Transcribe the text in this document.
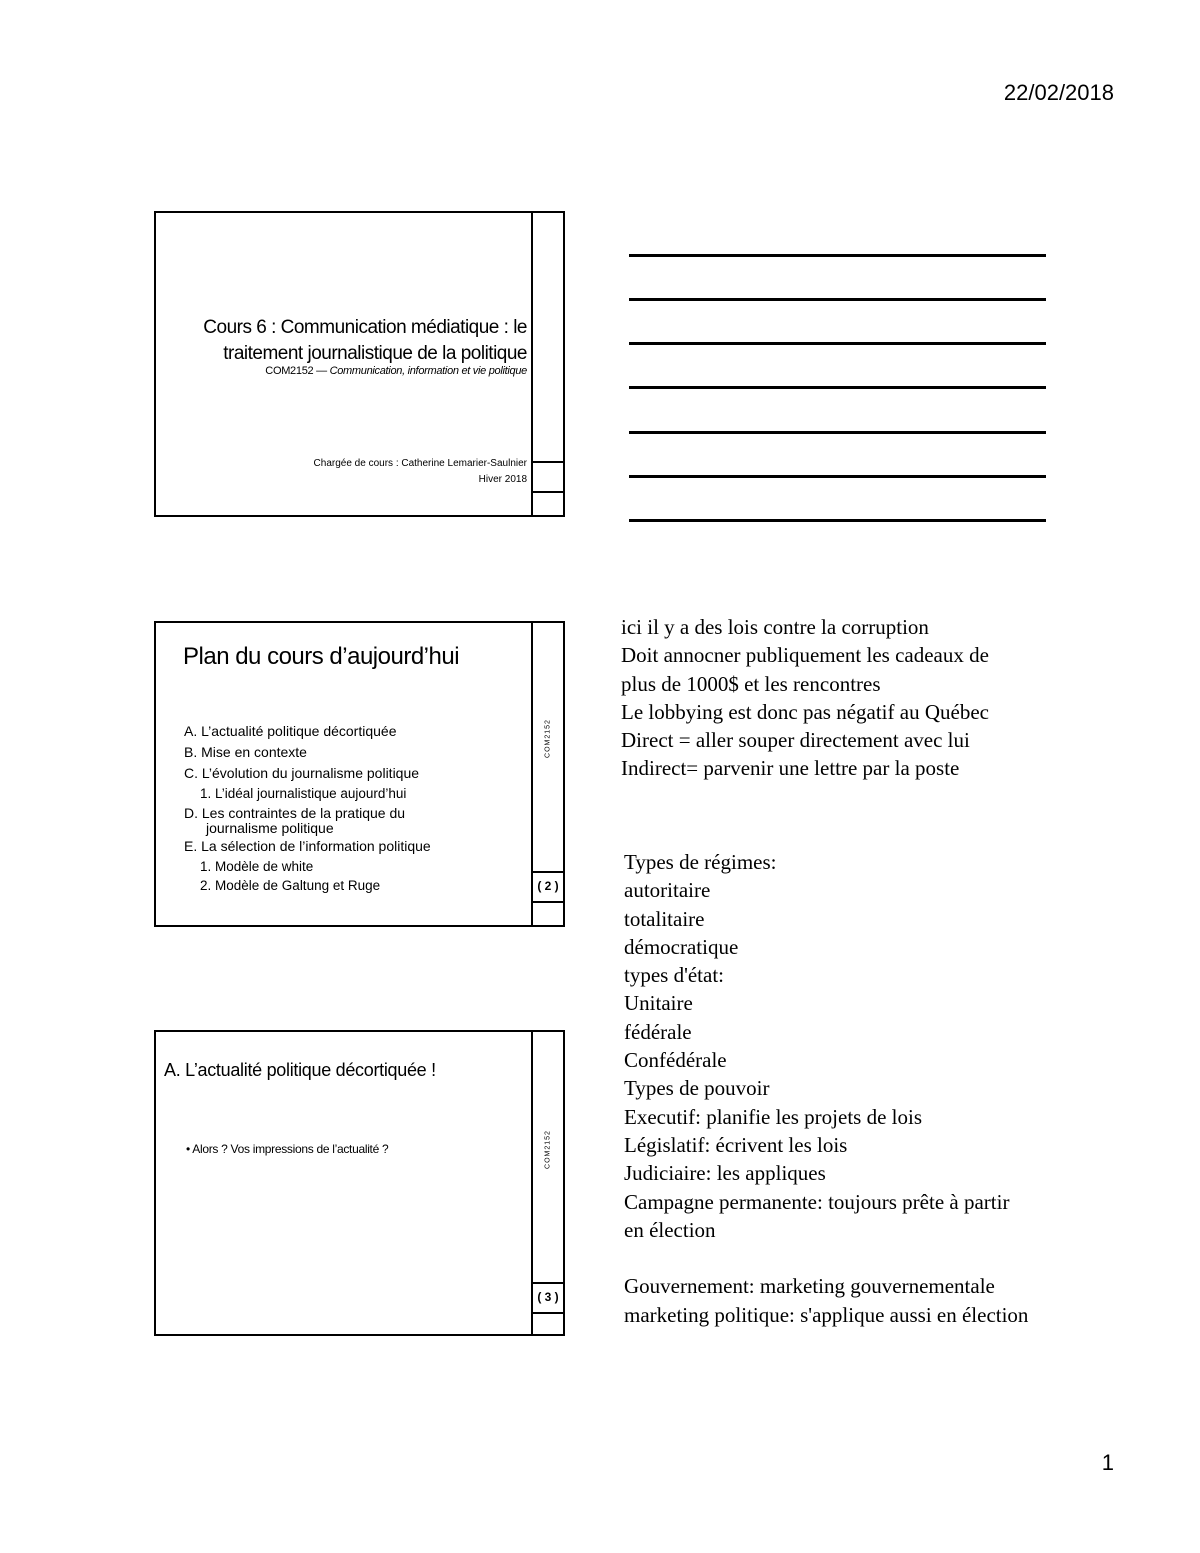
22/02/2018
Cours 6 : Communication médiatique : le
traitement journalistique de la politique
COM2152 — Communication, information et vie politique
Chargée de cours : Catherine Lemarier-Saulnier
Hiver 2018
Plan du cours d’aujourd’hui
A. L’actualité politique décortiquée
B. Mise en contexte
C. L’évolution du journalisme politique
1. L’idéal journalistique aujourd’hui
D. Les contraintes de la pratique du
journalisme politique
E. La sélection de l’information politique
1. Modèle de white
2. Modèle de Galtung et Ruge
COM2152
( 2 )
A. L’actualité politique décortiquée !
• Alors ? Vos impressions de l’actualité ?	COM2152
( 3 )
ici il y a des lois contre la corruption
Doit annocner publiquement les cadeaux de
plus de 1000$ et les rencontres
Le lobbying est donc pas négatif au Québec
Direct = aller souper directement avec lui
Indirect= parvenir une lettre par la poste
Types de régimes:
autoritaire
totalitaire
démocratique
types d'état:
Unitaire
fédérale
Confédérale
Types de pouvoir
Executif: planifie les projets de lois
Législatif: écrivent les lois
Judiciaire: les appliques
Campagne permanente: toujours prête à partir
en élection

Gouvernement: marketing gouvernementale
marketing politique: s'applique aussi en élection
1
